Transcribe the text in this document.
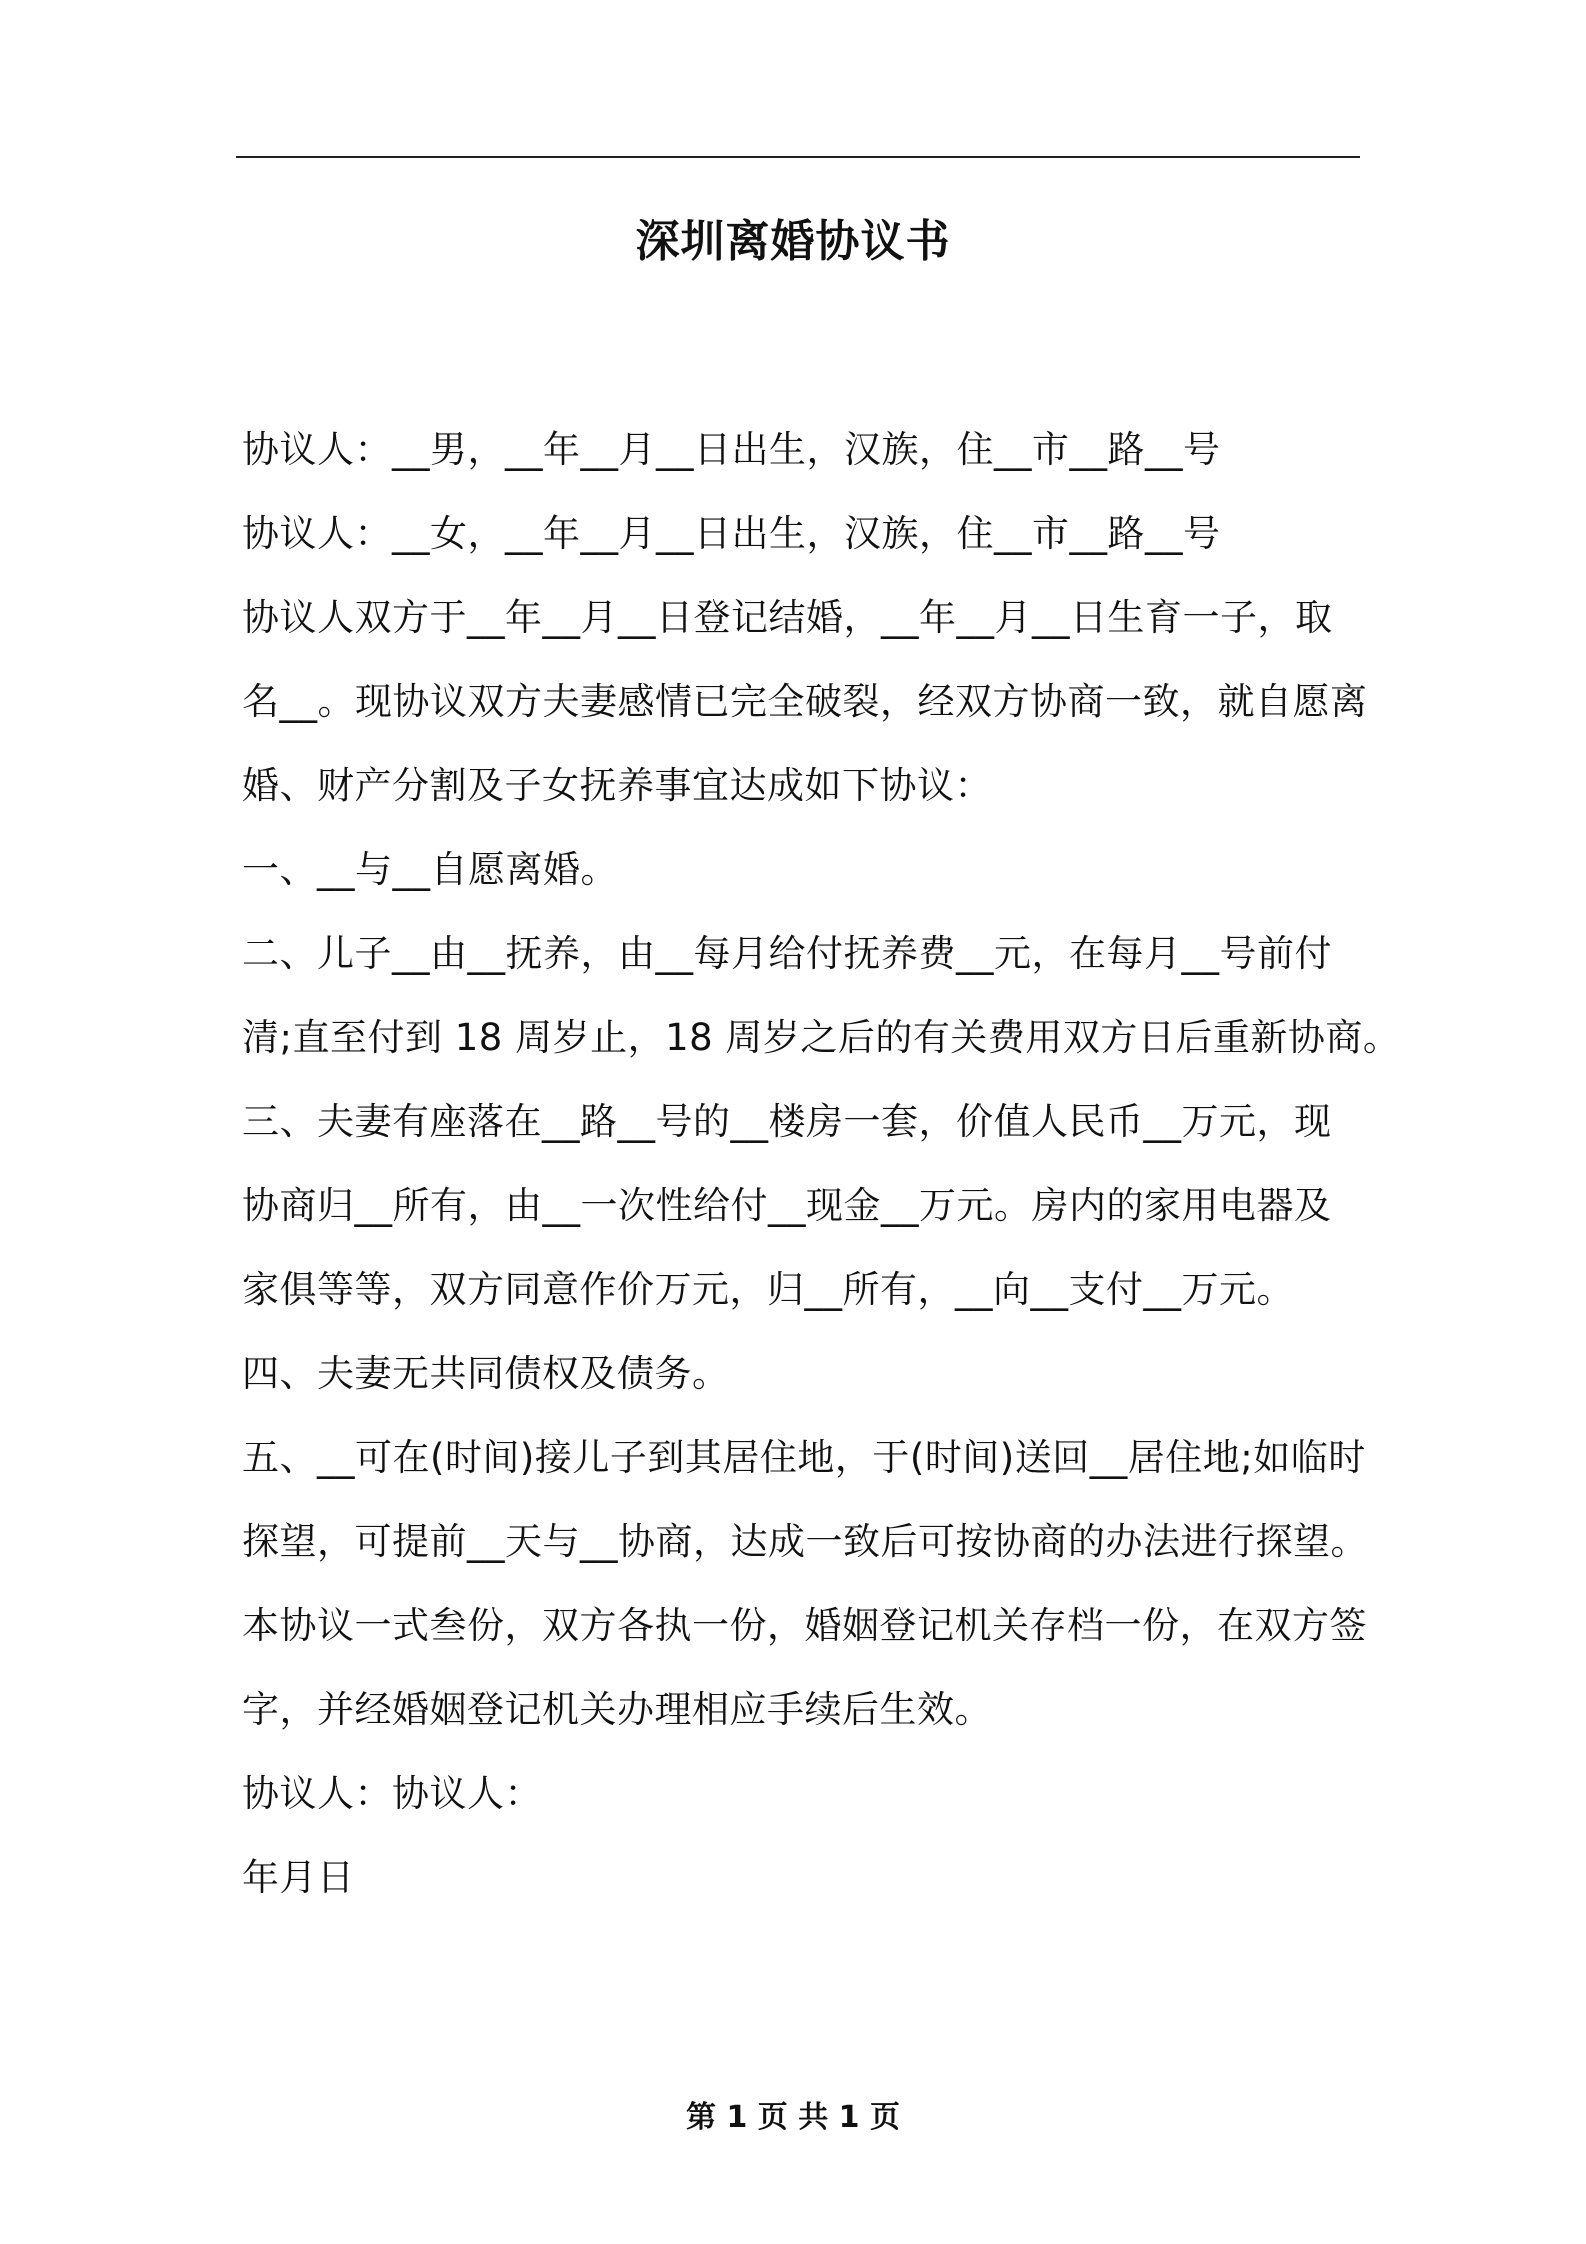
深圳离婚协议书
协议人：__男，__年__月__日出生，汉族，住__市__路__号
协议人：__女，__年__月__日出生，汉族，住__市__路__号
协议人双方于__年__月__日登记结婚，__年__月__日生育一子，取
名__。现协议双方夫妻感情已完全破裂，经双方协商一致，就自愿离
婚、财产分割及子女抚养事宜达成如下协议：
一、__与__自愿离婚。
二、儿子__由__抚养，由__每月给付抚养费__元，在每月__号前付
清;直至付到 18 周岁止，18 周岁之后的有关费用双方日后重新协商。
三、夫妻有座落在__路__号的__楼房一套，价值人民币__万元，现
协商归__所有，由__一次性给付__现金__万元。房内的家用电器及
家俱等等，双方同意作价万元，归__所有，__向__支付__万元。
四、夫妻无共同债权及债务。
五、__可在(时间)接儿子到其居住地，于(时间)送回__居住地;如临时
探望，可提前__天与__协商，达成一致后可按协商的办法进行探望。
本协议一式叁份，双方各执一份，婚姻登记机关存档一份，在双方签
字，并经婚姻登记机关办理相应手续后生效。
协议人：协议人：
年月日
第 1 页 共 1 页
